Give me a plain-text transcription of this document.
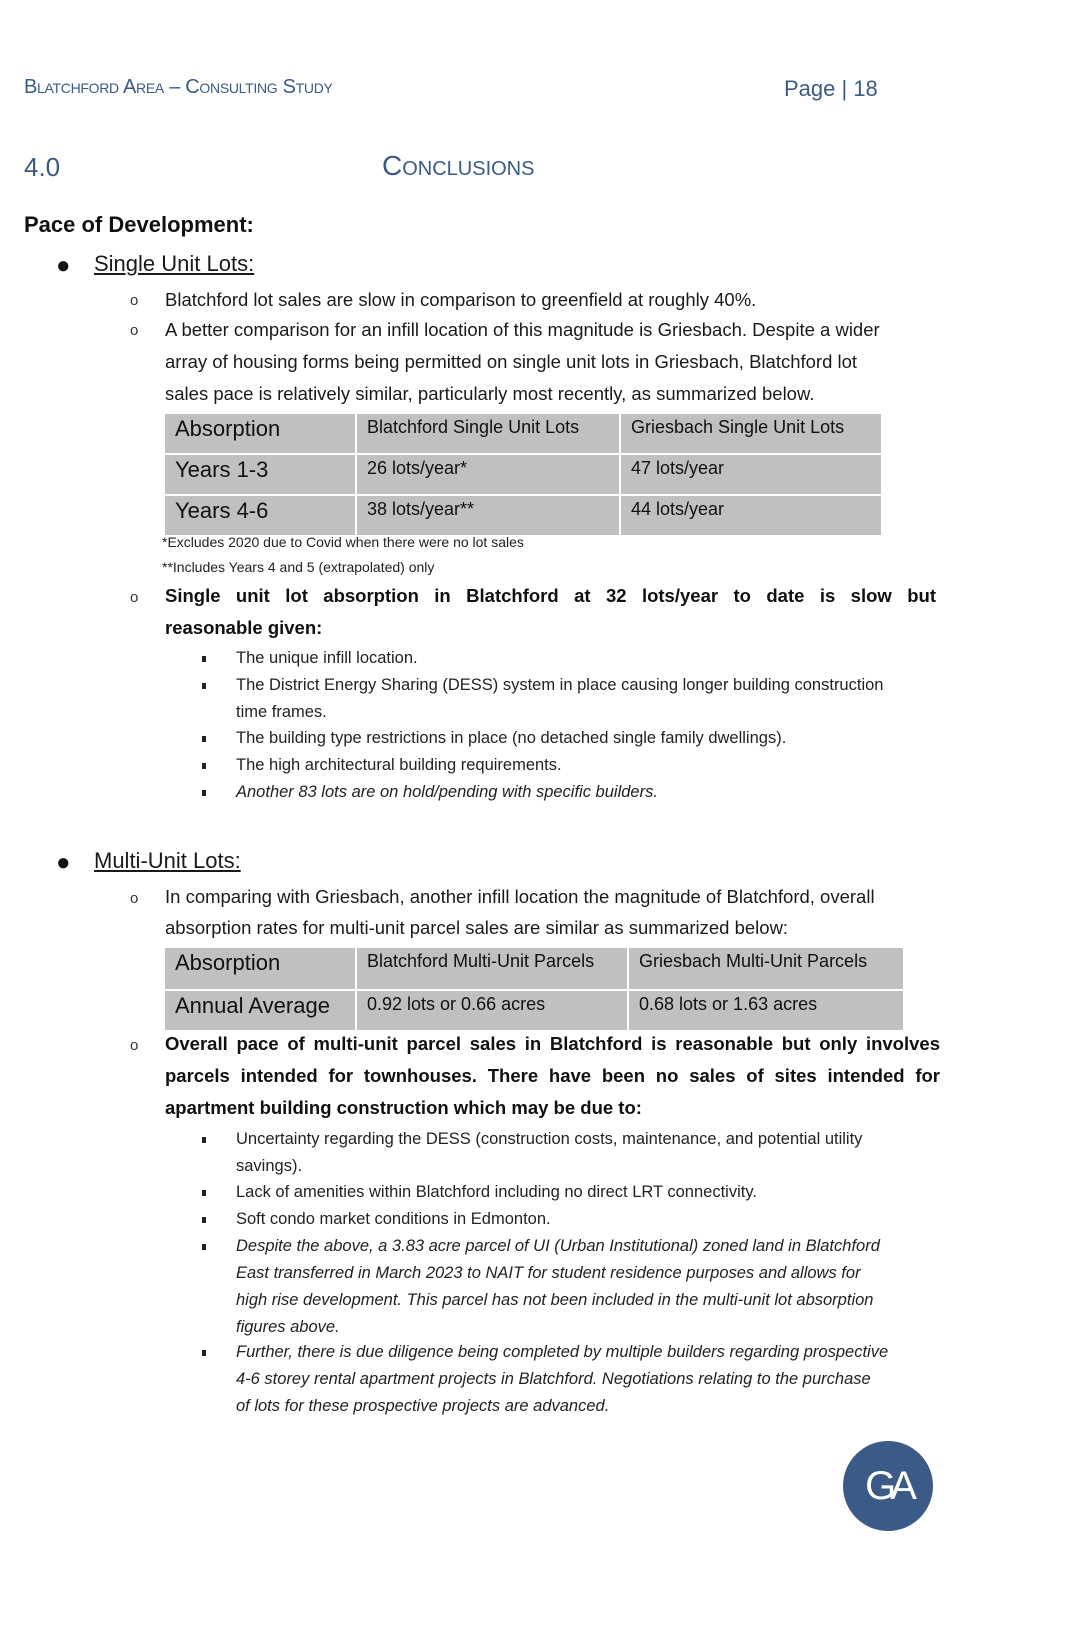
Blatchford Area – Consulting Study	Page | 18
4.0	Conclusions
Pace of Development:
● Single Unit Lots:
o Blatchford lot sales are slow in comparison to greenfield at roughly 40%.
o A better comparison for an infill location of this magnitude is Griesbach. Despite a wider
array of housing forms being permitted on single unit lots in Griesbach, Blatchford lot
sales pace is relatively similar, particularly most recently, as summarized below.
Absorption	Blatchford Single Unit Lots	Griesbach Single Unit Lots
Years 1-3	26 lots/year*	47 lots/year
Years 4-6	38 lots/year**	44 lots/year
*Excludes 2020 due to Covid when there were no lot sales
**Includes Years 4 and 5 (extrapolated) only
o Single unit lot absorption in Blatchford at 32 lots/year to date is slow but
reasonable given:
The unique infill location.
The District Energy Sharing (DESS) system in place causing longer building construction
time frames.
The building type restrictions in place (no detached single family dwellings).
The high architectural building requirements.
Another 83 lots are on hold/pending with specific builders.
● Multi-Unit Lots:
o In comparing with Griesbach, another infill location the magnitude of Blatchford, overall
absorption rates for multi-unit parcel sales are similar as summarized below:
Absorption	Blatchford Multi-Unit Parcels	Griesbach Multi-Unit Parcels
Annual Average	0.92 lots or 0.66 acres	0.68 lots or 1.63 acres
o Overall pace of multi-unit parcel sales in Blatchford is reasonable but only involves
parcels intended for townhouses. There have been no sales of sites intended for
apartment building construction which may be due to:
Uncertainty regarding the DESS (construction costs, maintenance, and potential utility
savings).
Lack of amenities within Blatchford including no direct LRT connectivity.
Soft condo market conditions in Edmonton.
Despite the above, a 3.83 acre parcel of UI (Urban Institutional) zoned land in Blatchford
East transferred in March 2023 to NAIT for student residence purposes and allows for
high rise development. This parcel has not been included in the multi-unit lot absorption
figures above.
Further, there is due diligence being completed by multiple builders regarding prospective
4-6 storey rental apartment projects in Blatchford. Negotiations relating to the purchase
of lots for these prospective projects are advanced.
GA
